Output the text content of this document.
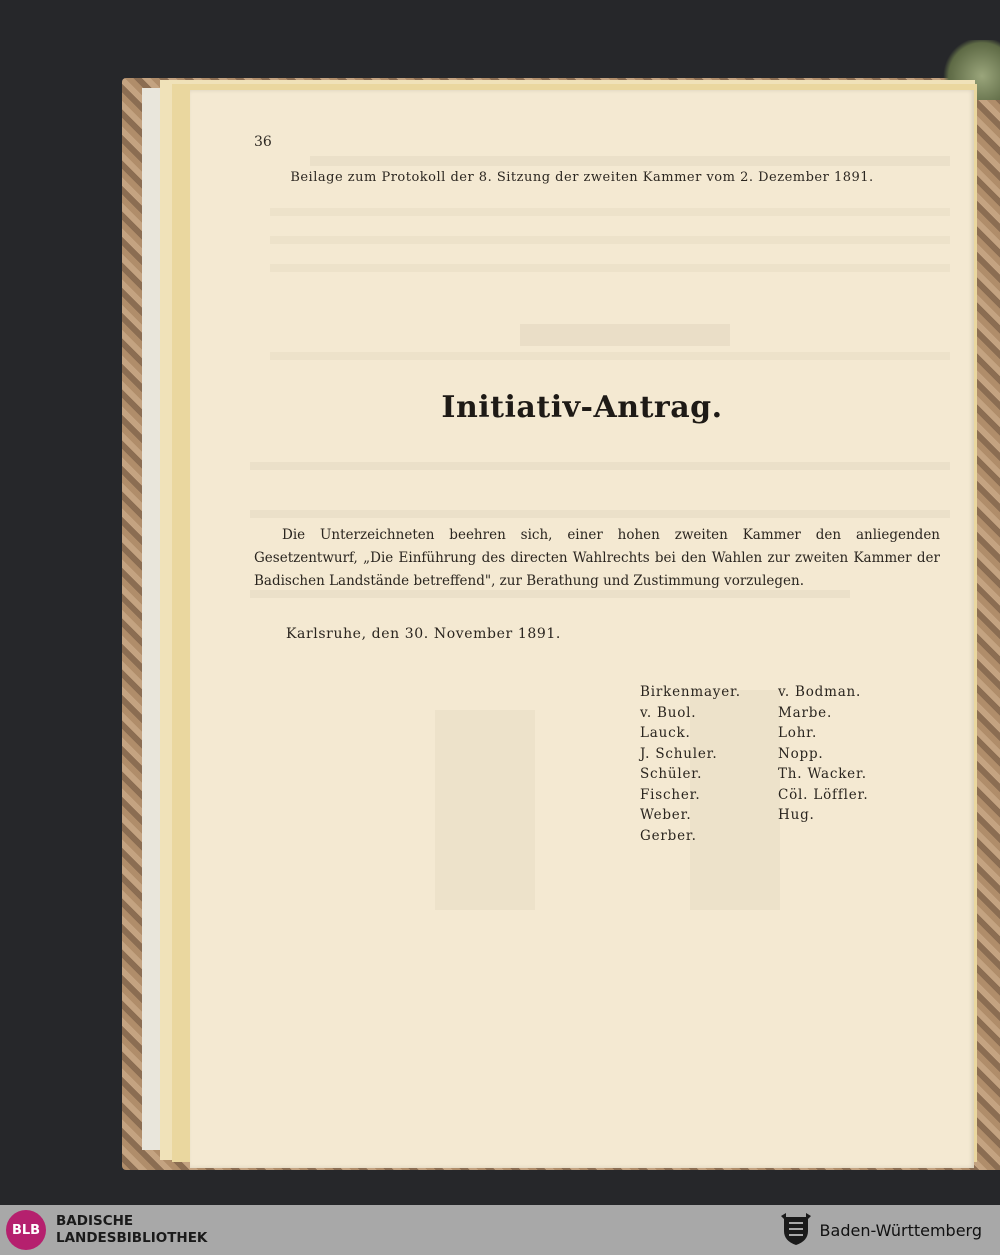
36
Beilage zum Protokoll der 8. Sitzung der zweiten Kammer vom 2. Dezember 1891.
Initiativ-Antrag.
Die Unterzeichneten beehren sich, einer hohen zweiten Kammer den anliegenden Gesetzentwurf, „Die Einführung des directen Wahlrechts bei den Wahlen zur zweiten Kammer der Badischen Landstände betreffend", zur Berathung und Zustimmung vorzulegen.
Karlsruhe, den 30. November 1891.
Birkenmayer.
v. Buol.
Lauck.
J. Schuler.
Schüler.
Fischer.
Weber.
Gerber.
v. Bodman.
Marbe.
Lohr.
Nopp.
Th. Wacker.
Cöl. Löffler.
Hug.
BLB
BADISCHE
LANDESBIBLIOTHEK	Baden-Württemberg
